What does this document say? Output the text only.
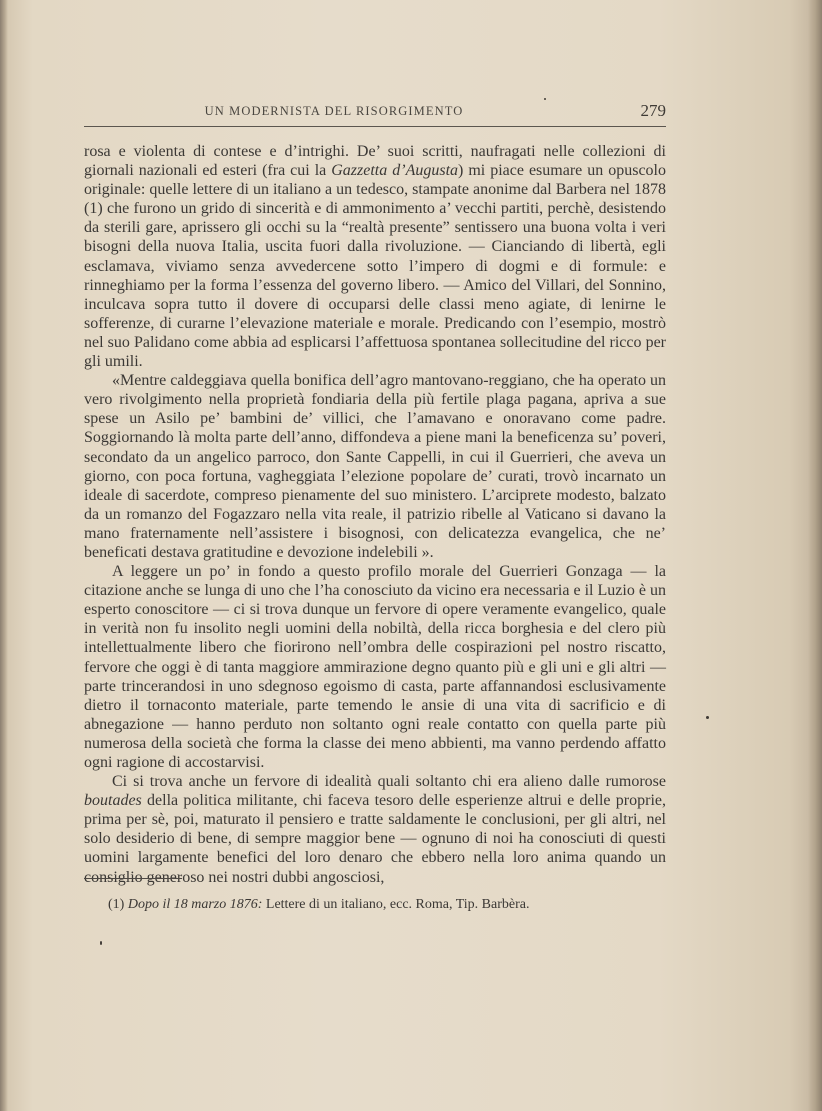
UN MODERNISTA DEL RISORGIMENTO	279

rosa e violenta di contese e d’intrighi. De’ suoi scritti, naufragati nelle collezioni di giornali nazionali ed esteri (fra cui la Gazzetta d’Augusta) mi piace esumare un opuscolo originale: quelle lettere di un italiano a un tedesco, stampate anonime dal Barbera nel 1878 (1) che furono un grido di sincerità e di ammonimento a’ vecchi partiti, perchè, desistendo da sterili gare, aprissero gli occhi su la “realtà presente” sentissero una buona volta i veri bisogni della nuova Italia, uscita fuori dalla rivoluzione. — Cianciando di libertà, egli esclamava, viviamo senza avvedercene sotto l’impero di dogmi e di formule: e rinneghiamo per la forma l’essenza del governo libero. — Amico del Villari, del Sonnino, inculcava sopra tutto il dovere di occuparsi delle classi meno agiate, di lenirne le sofferenze, di curarne l’elevazione materiale e morale. Predicando con l’esempio, mostrò nel suo Palidano come abbia ad esplicarsi l’affettuosa spontanea sollecitudine del ricco per gli umili.

«Mentre caldeggiava quella bonifica dell’agro mantovano-reggiano, che ha operato un vero rivolgimento nella proprietà fondiaria della più fertile plaga pagana, apriva a sue spese un Asilo pe’ bambini de’ villici, che l’amavano e onoravano come padre. Soggiornando là molta parte dell’anno, diffondeva a piene mani la beneficenza su’ poveri, secondato da un angelico parroco, don Sante Cappelli, in cui il Guerrieri, che aveva un giorno, con poca fortuna, vagheggiata l’elezione popolare de’ curati, trovò incarnato un ideale di sacerdote, compreso pienamente del suo ministero. L’arciprete modesto, balzato da un romanzo del Fogazzaro nella vita reale, il patrizio ribelle al Vaticano si davano la mano fraternamente nell’assistere i bisognosi, con delicatezza evangelica, che ne’ beneficati destava gratitudine e devozione indelebili ».

A leggere un po’ in fondo a questo profilo morale del Guerrieri Gonzaga — la citazione anche se lunga di uno che l’ha conosciuto da vicino era necessaria e il Luzio è un esperto conoscitore — ci si trova dunque un fervore di opere veramente evangelico, quale in verità non fu insolito negli uomini della nobiltà, della ricca borghesia e del clero più intellettualmente libero che fiorirono nell’ombra delle cospirazioni pel nostro riscatto, fervore che oggi è di tanta maggiore ammirazione degno quanto più e gli uni e gli altri — parte trincerandosi in uno sdegnoso egoismo di casta, parte affannandosi esclusivamente dietro il tornaconto materiale, parte temendo le ansie di una vita di sacrificio e di abnegazione — hanno perduto non soltanto ogni reale contatto con quella parte più numerosa della società che forma la classe dei meno abbienti, ma vanno perdendo affatto ogni ragione di accostarvisi.

Ci si trova anche un fervore di idealità quali soltanto chi era alieno dalle rumorose boutades della politica militante, chi faceva tesoro delle esperienze altrui e delle proprie, prima per sè, poi, maturato il pensiero e tratte saldamente le conclusioni, per gli altri, nel solo desiderio di bene, di sempre maggior bene — ognuno di noi ha conosciuti di questi uomini largamente benefici del loro denaro che ebbero nella loro anima quando un consiglio generoso nei nostri dubbi angosciosi,

(1) Dopo il 18 marzo 1876: Lettere di un italiano, ecc. Roma, Tip. Barbèra.
